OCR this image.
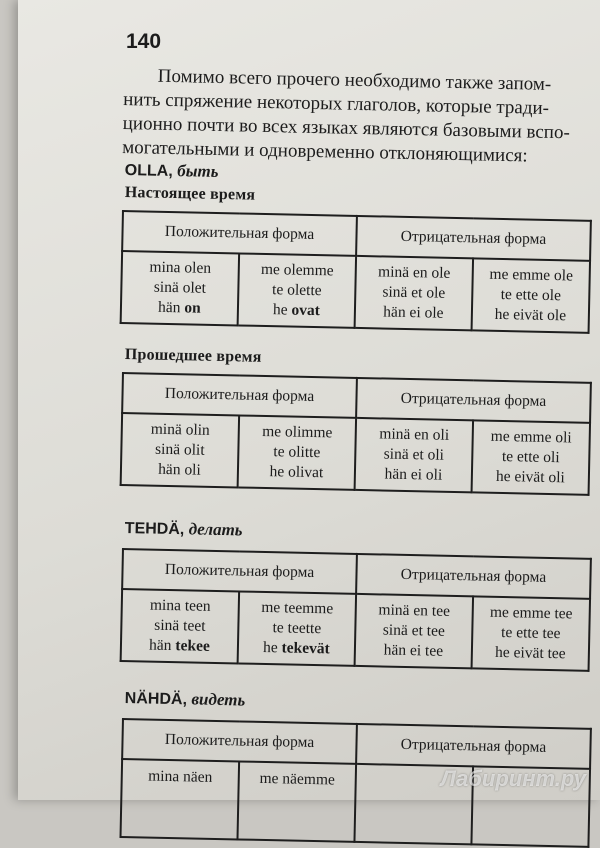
140
Помимо всего прочего необходимо также запом-
нить спряжение некоторых глаголов, которые тради-
ционно почти во всех языках являются базовыми вспо-
могательными и одновременно отклоняющимися:
OLLA, быть
Настоящее время
Положительная форма		Отрицательная форма	

mina olen
sinä olet
hän on	me olemme
te olette
he ovat	minä en ole
sinä et ole
hän ei ole	me emme ole
te ette ole
he eivät ole
Прошедшее время
Положительная форма		Отрицательная форма	

minä olin
sinä olit
hän oli	me olimme
te olitte
he olivat	minä en oli
sinä et oli
hän ei oli	me emme oli
te ette oli
he eivät oli
TEHDÄ, делать
Положительная форма		Отрицательная форма	

mina teen
sinä teet
hän tekee	me teemme
te teette
he tekevät	minä en tee
sinä et tee
hän ei tee	me emme tee
te ette tee
he eivät tee
NÄHDÄ, видеть
Положительная форма		Отрицательная форма	

mina näen	me näemme		
			Лабиринт.ру
